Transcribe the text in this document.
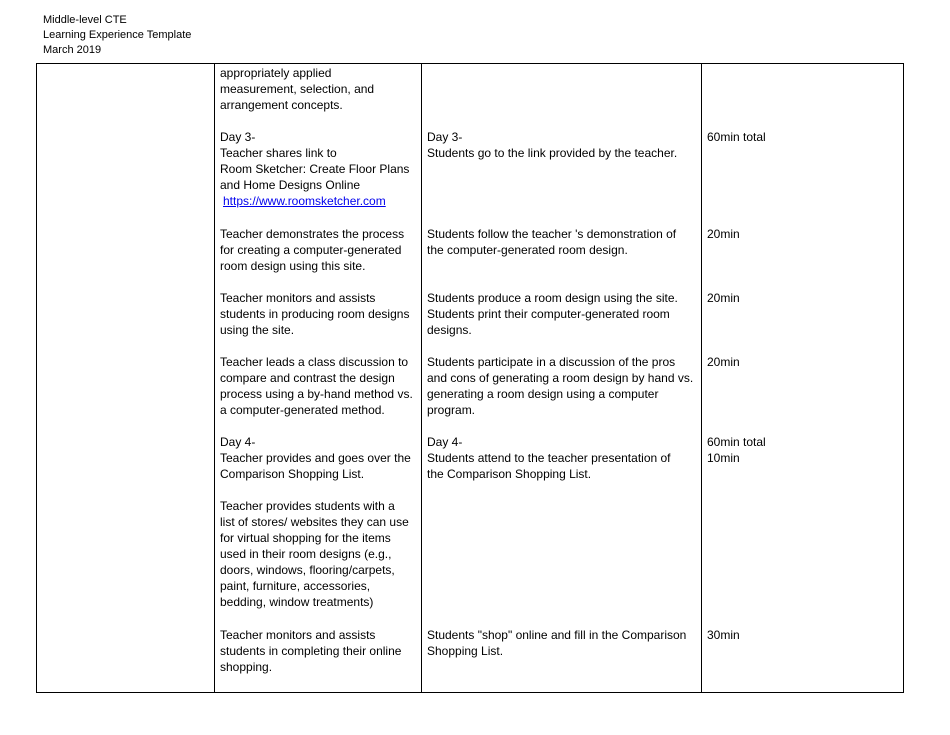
Middle-level CTE
Learning Experience Template
March 2019
appropriately applied
measurement, selection, and
arrangement concepts.
Day 3-
Teacher shares link to
Room Sketcher: Create Floor Plans
and Home Designs Online
https://www.roomsketcher.com
Day 3-
Students go to the link provided by the teacher.
60min total
Teacher demonstrates the process
for creating a computer-generated
room design using this site.
Students follow the teacher 's demonstration of
the computer-generated room design.
20min
Teacher monitors and assists
students in producing room designs
using the site.
Students produce a room design using the site.
Students print their computer-generated room
designs.
20min
Teacher leads a class discussion to
compare and contrast the design
process using a by-hand method vs.
a computer-generated method.
Students participate in a discussion of the pros
and cons of generating a room design by hand vs.
generating a room design using a computer
program.
20min
Day 4-
Teacher provides and goes over the
Comparison Shopping List.
Day 4-
Students attend to the teacher presentation of
the Comparison Shopping List.
60min total
10min
Teacher provides students with a
list of stores/ websites they can use
for virtual shopping for the items
used in their room designs (e.g.,
doors, windows, flooring/carpets,
paint, furniture, accessories,
bedding, window treatments)
Teacher monitors and assists
students in completing their online
shopping.
Students "shop" online and fill in the Comparison
Shopping List.
30min
